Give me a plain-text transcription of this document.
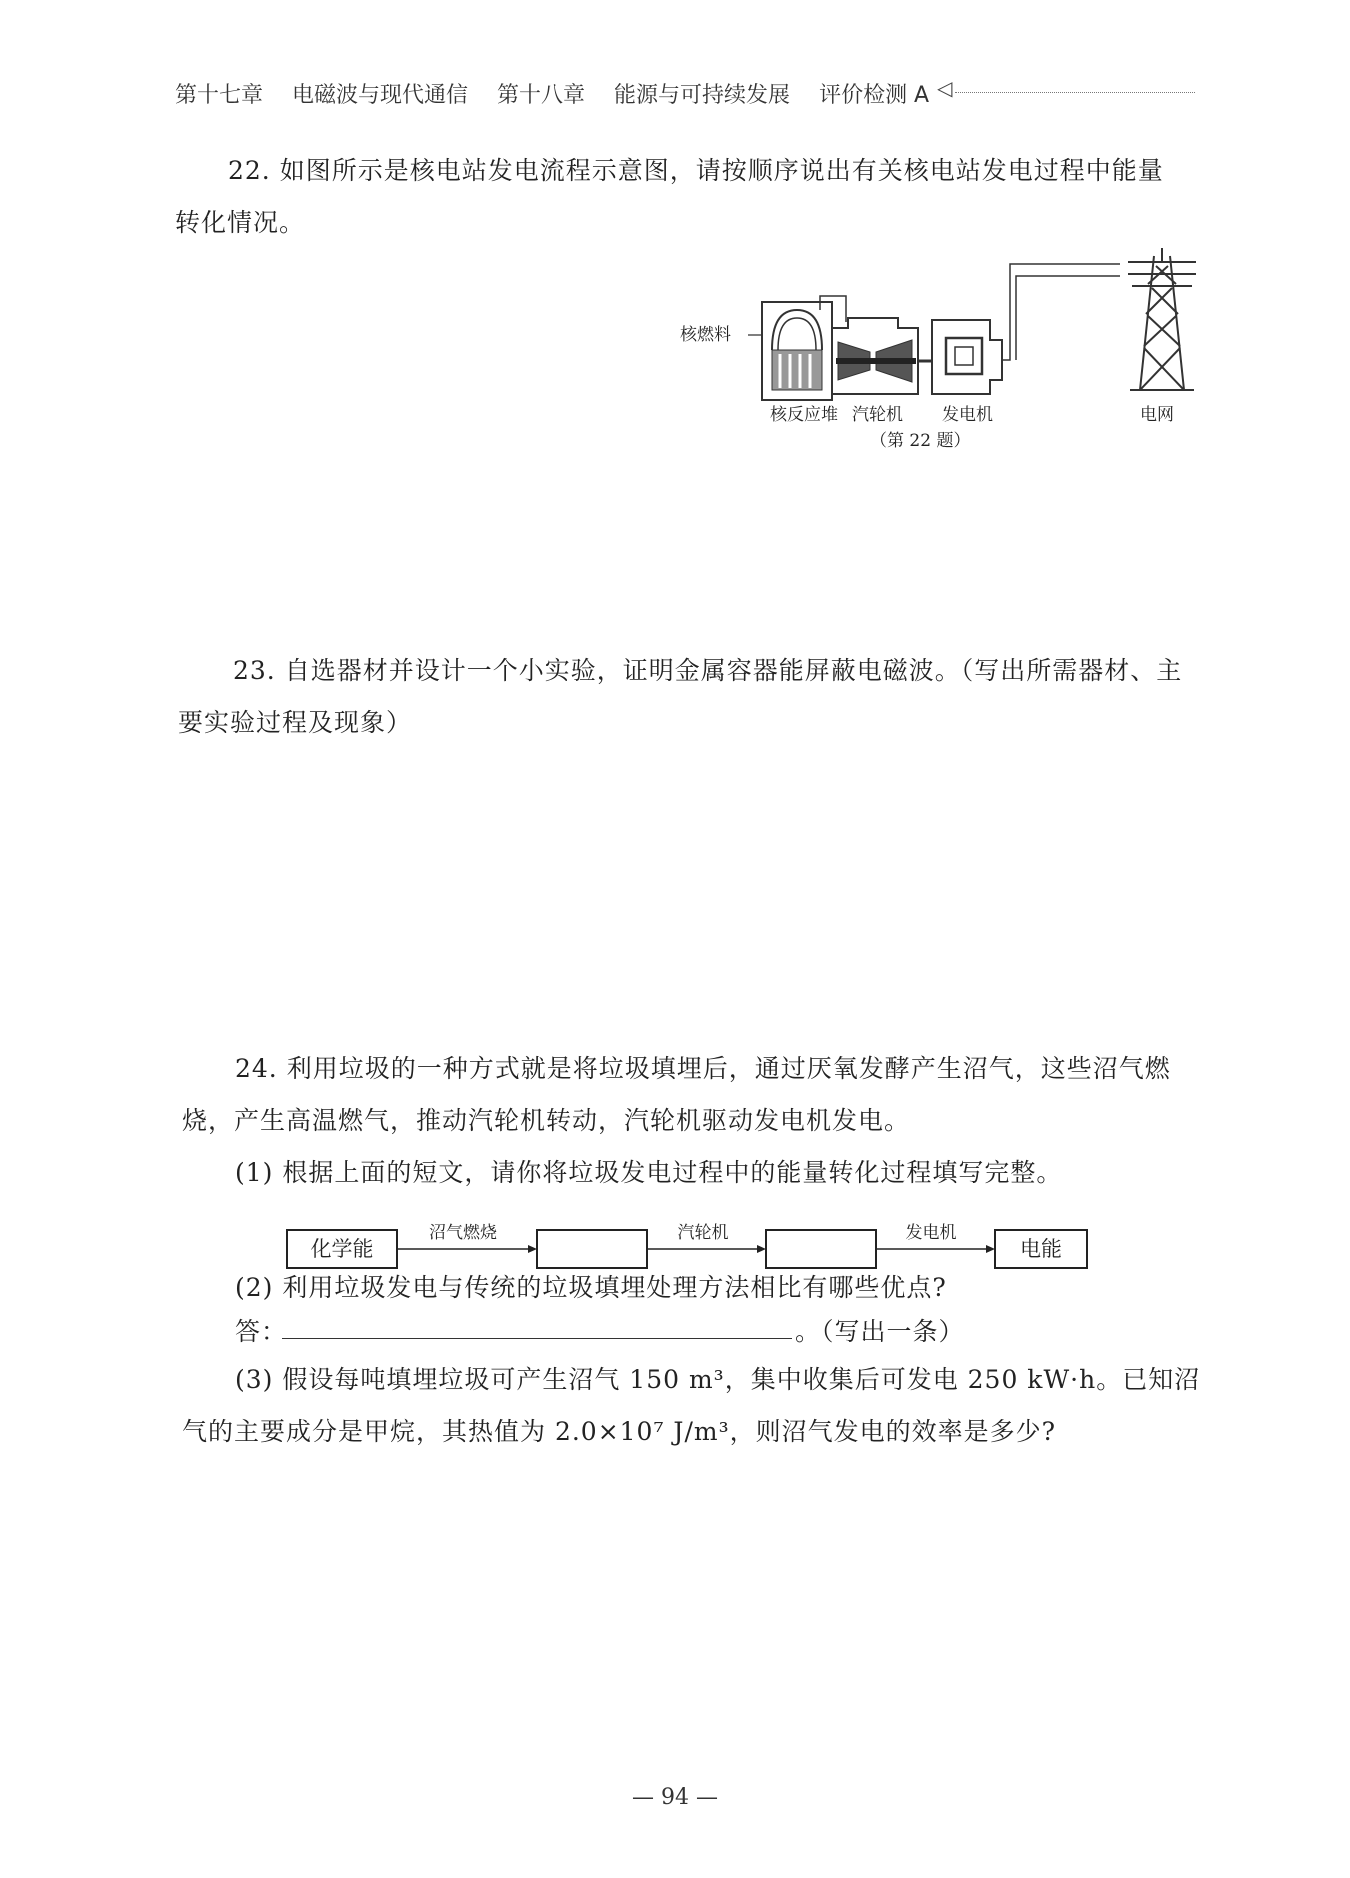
第十七章 电磁波与现代通信 第十八章 能源与可持续发展 评价检测 A ◁
22. 如图所示是核电站发电流程示意图，请按顺序说出有关核电站发电过程中能量
转化情况。
核燃料
核反应堆 汽轮机 发电机	电网
（第 22 题）
23. 自选器材并设计一个小实验，证明金属容器能屏蔽电磁波。（写出所需器材、主
要实验过程及现象）
24. 利用垃圾的一种方式就是将垃圾填埋后，通过厌氧发酵产生沼气，这些沼气燃
烧，产生高温燃气，推动汽轮机转动，汽轮机驱动发电机发电。
(1) 根据上面的短文，请你将垃圾发电过程中的能量转化过程填写完整。
化学能
沼气燃烧	汽轮机	发电机
电能
(2) 利用垃圾发电与传统的垃圾填埋处理方法相比有哪些优点?
答：	。（写出一条）
(3) 假设每吨填埋垃圾可产生沼气 150 m³，集中收集后可发电 250 kW·h。已知沼
气的主要成分是甲烷，其热值为 2.0×10⁷ J/m³，则沼气发电的效率是多少?
— 94 —
